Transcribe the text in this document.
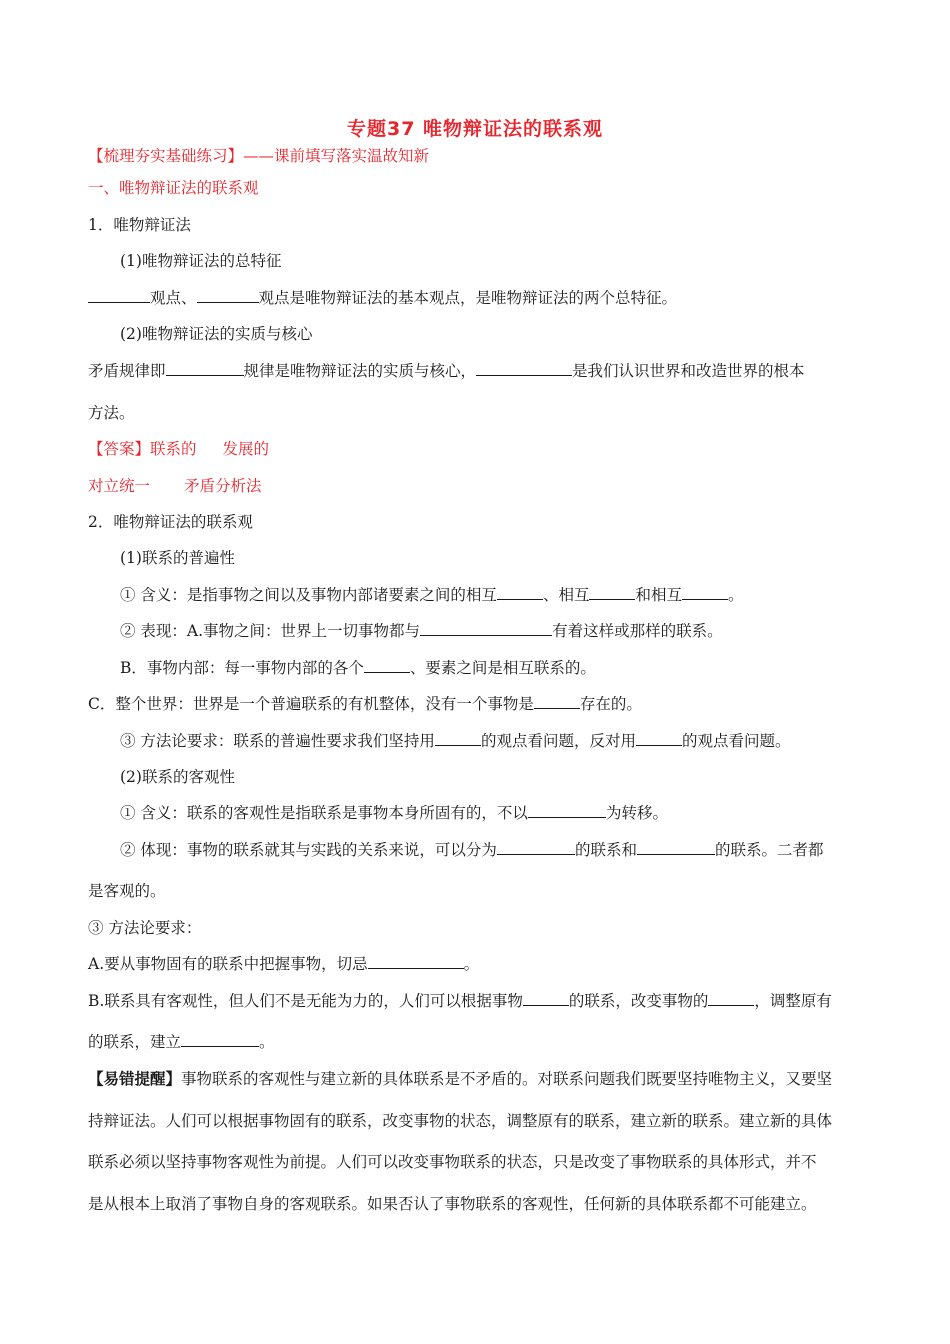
专题37 唯物辩证法的联系观
【梳理夯实基础练习】——课前填写落实温故知新
一、唯物辩证法的联系观
1．唯物辩证法
(1)唯物辩证法的总特征
观点、	观点是唯物辩证法的基本观点，是唯物辩证法的两个总特征。
(2)唯物辩证法的实质与核心
矛盾规律即	规律是唯物辩证法的实质与核心，	是我们认识世界和改造世界的根本
方法。
【答案】联系的 发展的
对立统一 矛盾分析法
2．唯物辩证法的联系观
(1)联系的普遍性
① 含义：是指事物之间以及事物内部诸要素之间的相互	、相互	和相互	。
② 表现：A.事物之间：世界上一切事物都与	有着这样或那样的联系。
B．事物内部：每一事物内部的各个	、要素之间是相互联系的。
C．整个世界：世界是一个普遍联系的有机整体，没有一个事物是	存在的。
③ 方法论要求：联系的普遍性要求我们坚持用	的观点看问题，反对用	的观点看问题。
(2)联系的客观性
① 含义：联系的客观性是指联系是事物本身所固有的，不以	为转移。
② 体现：事物的联系就其与实践的关系来说，可以分为	的联系和	的联系。二者都
是客观的。
③ 方法论要求：
A.要从事物固有的联系中把握事物，切忌	。
B.联系具有客观性，但人们不是无能为力的，人们可以根据事物	的联系，改变事物的	，调整原有
的联系，建立	。
【易错提醒】事物联系的客观性与建立新的具体联系是不矛盾的。对联系问题我们既要坚持唯物主义，又要坚
持辩证法。人们可以根据事物固有的联系，改变事物的状态，调整原有的联系，建立新的联系。建立新的具体
联系必须以坚持事物客观性为前提。人们可以改变事物联系的状态，只是改变了事物联系的具体形式，并不
是从根本上取消了事物自身的客观联系。如果否认了事物联系的客观性，任何新的具体联系都不可能建立。
